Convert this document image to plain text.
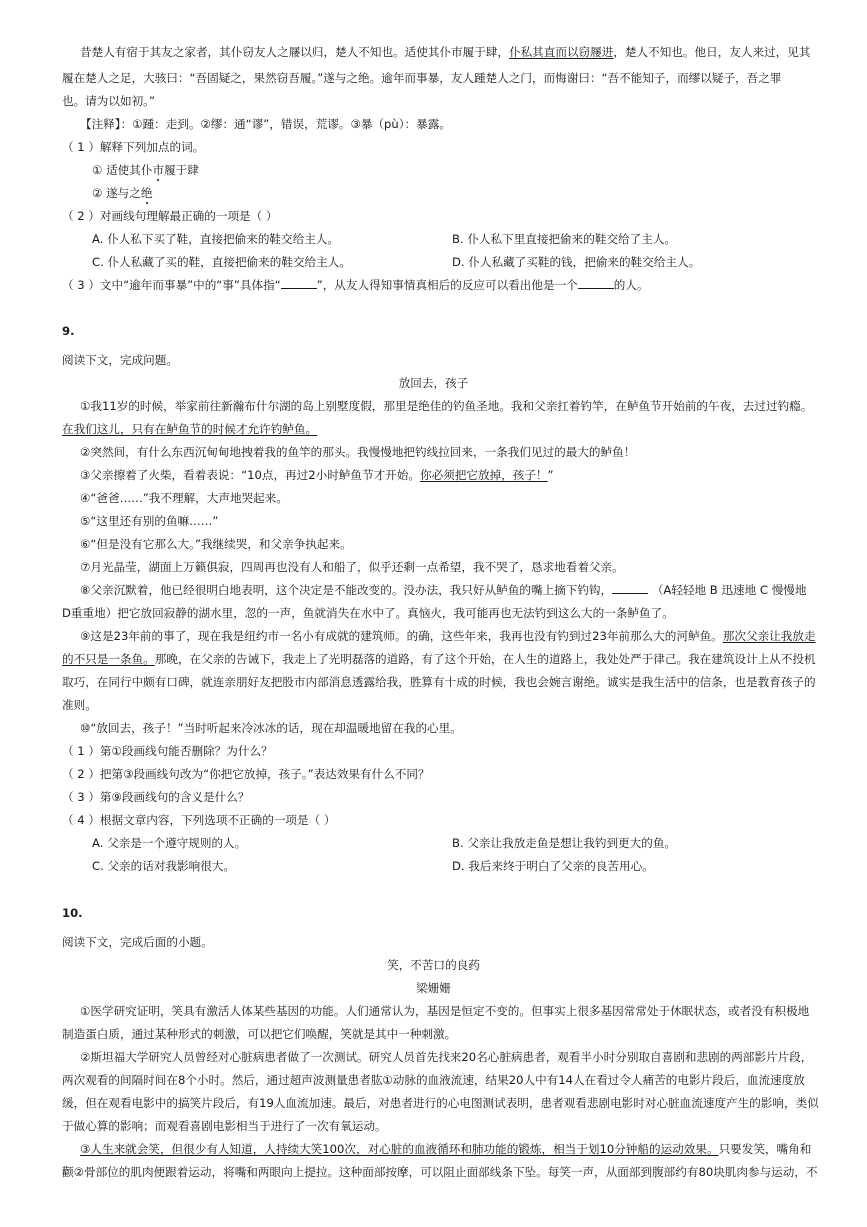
昔楚人有宿于其友之家者，其仆窃友人之屦以归，楚人不知也。适使其仆市履于肆，仆私其直而以窃屦进，楚人不知也。他日，友人来过，见其
履在楚人之足，大骇曰：“吾固疑之，果然窃吾履。”遂与之绝。逾年而事暴，友人踵楚人之门，而悔谢曰：“吾不能知子，而缪以疑子，吾之罪
也。请为以如初。”
【注释】：①踵：走到。②缪：通“谬”，错误，荒谬。③暴（pù）：暴露。
（ 1 ）解释下列加点的词。
① 适使其仆市履于肆
② 遂与之绝
（ 2 ）对画线句理解最正确的一项是（ ）
A. 仆人私下买了鞋，直接把偷来的鞋交给主人。	B. 仆人私下里直接把偷来的鞋交给了主人。
C. 仆人私藏了买的鞋，直接把偷来的鞋交给主人。	D. 仆人私藏了买鞋的钱，把偷来的鞋交给主人。
（ 3 ）文中“逾年而事暴”中的“事”具体指“	”，从友人得知事情真相后的反应可以看出他是一个	的人。
9.
阅读下文，完成问题。
放回去，孩子
①我11岁的时候，举家前往新瀚布什尔湖的岛上别墅度假，那里是绝佳的钓鱼圣地。我和父亲扛着钓竿，在鲈鱼节开始前的午夜，去过过钓瘾。
在我们这儿，只有在鲈鱼节的时候才允许钓鲈鱼。
②突然间，有什么东西沉甸甸地拽着我的鱼竿的那头。我慢慢地把钓线拉回来，一条我们见过的最大的鲈鱼！
③父亲擦着了火柴，看着表说：“10点，再过2小时鲈鱼节才开始。你必须把它放掉，孩子！”
④“爸爸……”我不理解，大声地哭起来。
⑤“这里还有别的鱼嘛……”
⑥“但是没有它那么大。”我继续哭，和父亲争执起来。
⑦月光晶莹，湖面上万籁俱寂，四周再也没有人和船了，似乎还剩一点希望，我不哭了，恳求地看着父亲。
⑧父亲沉默着，他已经很明白地表明，这个决定是不能改变的。没办法，我只好从鲈鱼的嘴上摘下钓钩，	（A轻轻地 B 迅速地 C 慢慢地
D重重地）把它放回寂静的湖水里，忽的一声，鱼就消失在水中了。真恼火，我可能再也无法钓到这么大的一条鲈鱼了。
⑨这是23年前的事了，现在我是纽约市一名小有成就的建筑师。的确，这些年来，我再也没有钓到过23年前那么大的河鲈鱼。那次父亲让我放走
的不只是一条鱼。那晚，在父亲的告诫下，我走上了光明磊落的道路，有了这个开始，在人生的道路上，我处处严于律己。我在建筑设计上从不投机
取巧，在同行中颇有口碑，就连亲朋好友把股市内部消息透露给我，胜算有十成的时候，我也会婉言谢绝。诚实是我生活中的信条，也是教育孩子的
准则。
⑩“放回去，孩子！”当时听起来冷冰冰的话，现在却温暖地留在我的心里。
（ 1 ）第①段画线句能否删除？为什么？
（ 2 ）把第③段画线句改为“你把它放掉，孩子。”表达效果有什么不同？
（ 3 ）第⑨段画线句的含义是什么？
（ 4 ）根据文章内容，下列选项不正确的一项是（ ）
A. 父亲是一个遵守规则的人。	B. 父亲让我放走鱼是想让我钓到更大的鱼。
C. 父亲的话对我影响很大。	D. 我后来终于明白了父亲的良苦用心。
10.
阅读下文，完成后面的小题。
笑，不苦口的良药
梁姗姗
①医学研究证明，笑具有激活人体某些基因的功能。人们通常认为，基因是恒定不变的。但事实上很多基因常常处于休眠状态，或者没有积极地
制造蛋白质，通过某种形式的刺激，可以把它们唤醒，笑就是其中一种刺激。
②斯坦福大学研究人员曾经对心脏病患者做了一次测试。研究人员首先找来20名心脏病患者，观看半小时分别取自喜剧和悲剧的两部影片片段，
两次观看的间隔时间在8个小时。然后，通过超声波测量患者肱①动脉的血液流速，结果20人中有14人在看过令人痛苦的电影片段后，血流速度放
缓，但在观看电影中的搞笑片段后，有19人血流加速。最后，对患者进行的心电图测试表明，患者观看悲剧电影时对心脏血流速度产生的影响，类似
于做心算的影响；而观看喜剧电影相当于进行了一次有氧运动。
③人生来就会笑，但很少有人知道，人持续大笑100次，对心脏的血液循环和肺功能的锻炼，相当于划10分钟船的运动效果。只要发笑，嘴角和
颧②骨部位的肌肉便跟着运动，将嘴和两眼向上提拉。这种面部按摩，可以阻止面部线条下坠。每笑一声，从面部到腹部约有80块肌肉参与运动，不
